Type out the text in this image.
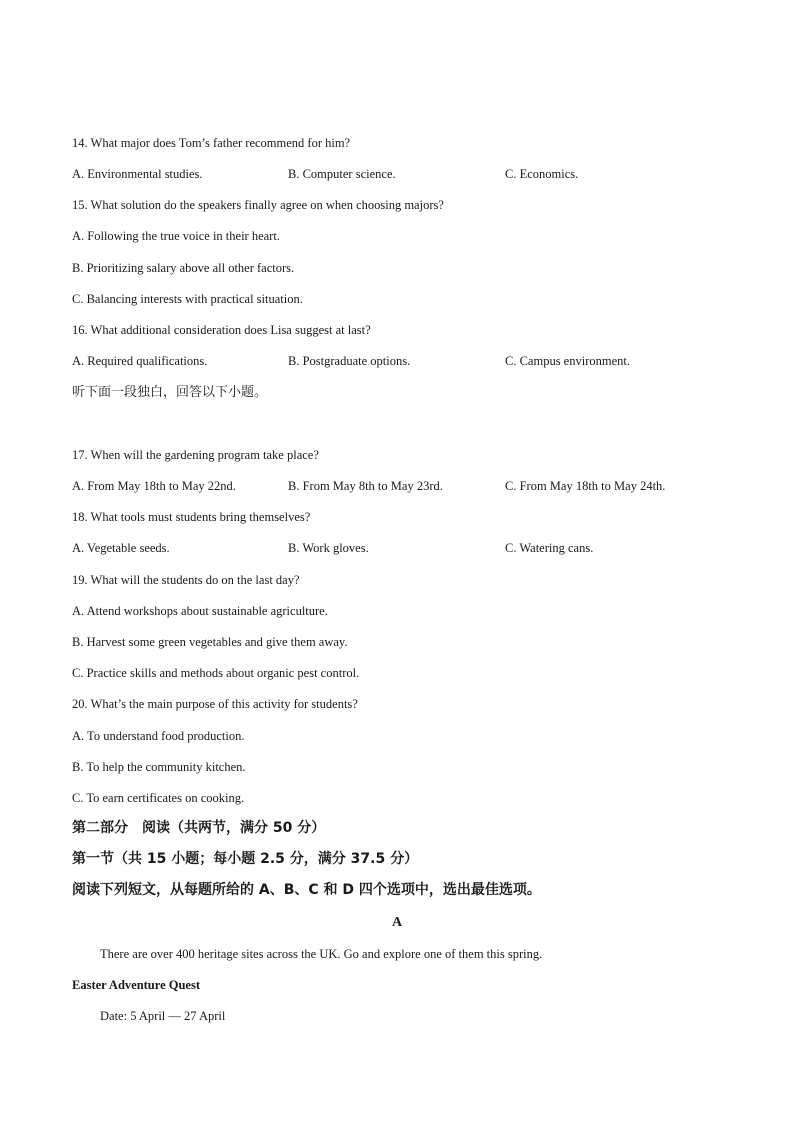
14. What major does Tom’s father recommend for him?
A. Environmental studies.	B. Computer science.	C. Economics.
15. What solution do the speakers finally agree on when choosing majors?
A. Following the true voice in their heart.
B. Prioritizing salary above all other factors.
C. Balancing interests with practical situation.
16. What additional consideration does Lisa suggest at last?
A. Required qualifications.	B. Postgraduate options.	C. Campus environment.
听下面一段独白，回答以下小题。
17. When will the gardening program take place?
A. From May 18th to May 22nd.	B. From May 8th to May 23rd.	C. From May 18th to May 24th.
18. What tools must students bring themselves?
A. Vegetable seeds.	B. Work gloves.	C. Watering cans.
19. What will the students do on the last day?
A. Attend workshops about sustainable agriculture.
B. Harvest some green vegetables and give them away.
C. Practice skills and methods about organic pest control.
20. What’s the main purpose of this activity for students?
A. To understand food production.
B. To help the community kitchen.
C. To earn certificates on cooking.
第二部分　阅读（共两节，满分 50 分）
第一节（共 15 小题；每小题 2.5 分，满分 37.5 分）
阅读下列短文，从每题所给的 A、B、C 和 D 四个选项中，选出最佳选项。
A
There are over 400 heritage sites across the UK. Go and explore one of them this spring.
Easter Adventure Quest
Date: 5 April — 27 April
